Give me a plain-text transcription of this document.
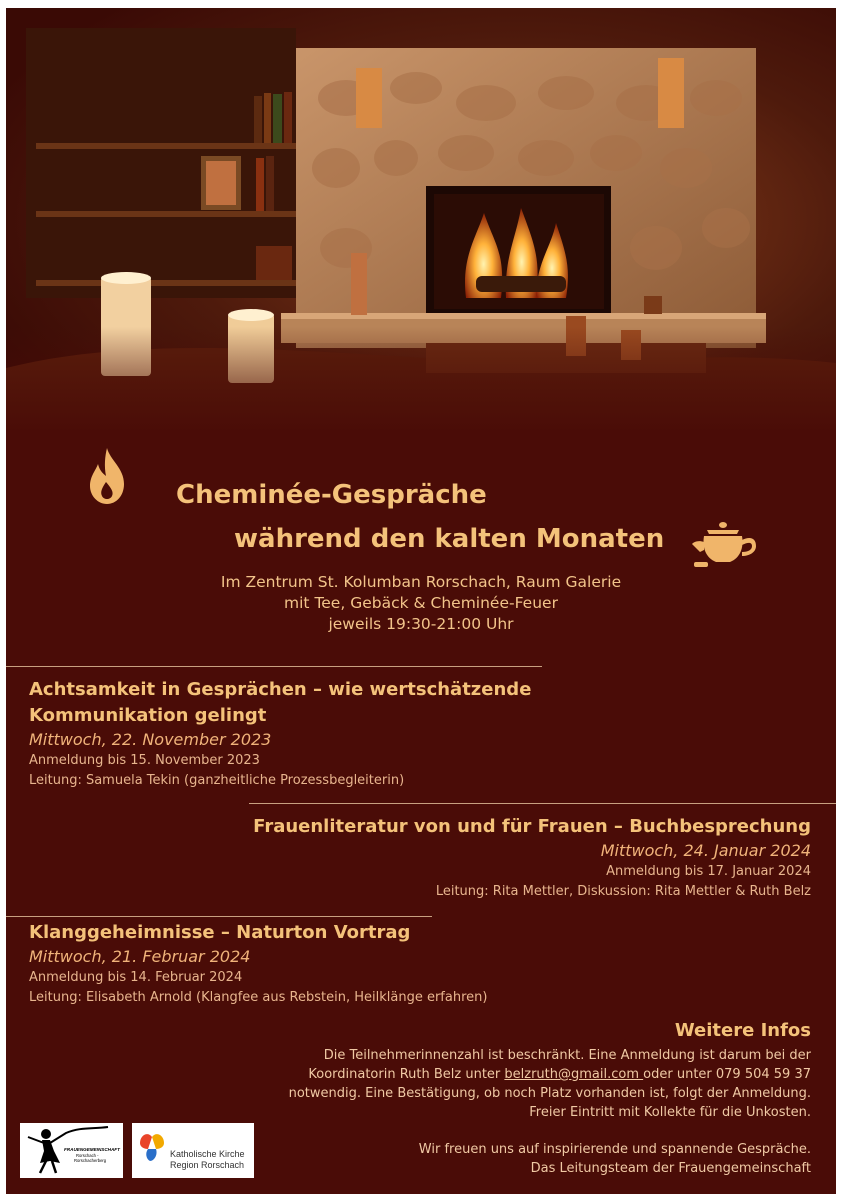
Cheminée-Gespräche
während den kalten Monaten
Im Zentrum St. Kolumban Rorschach, Raum Galerie
mit Tee, Gebäck & Cheminée-Feuer
jeweils 19:30-21:00 Uhr
Achtsamkeit in Gesprächen – wie wertschätzende
Kommunikation gelingt
Mittwoch, 22. November 2023
Anmeldung bis 15. November 2023
Leitung: Samuela Tekin (ganzheitliche Prozessbegleiterin)
Frauenliteratur von und für Frauen – Buchbesprechung
Mittwoch, 24. Januar 2024
Anmeldung bis 17. Januar 2024
Leitung: Rita Mettler, Diskussion: Rita Mettler & Ruth Belz
Klanggeheimnisse – Naturton Vortrag
Mittwoch, 21. Februar 2024
Anmeldung bis 14. Februar 2024
Leitung: Elisabeth Arnold (Klangfee aus Rebstein, Heilklänge erfahren)
Weitere Infos
Die Teilnehmerinnenzahl ist beschränkt. Eine Anmeldung ist darum bei der
Koordinatorin Ruth Belz unter belzruth@gmail.com oder unter 079 504 59 37
notwendig. Eine Bestätigung, ob noch Platz vorhanden ist, folgt der Anmeldung.
Freier Eintritt mit Kollekte für die Unkosten.
Wir freuen uns auf inspirierende und spannende Gespräche.
Das Leitungsteam der Frauengemeinschaft
FRAUENGEMEINSCHAFT
Rorschach -
Rorschacherberg
Katholische Kirche
Region Rorschach
